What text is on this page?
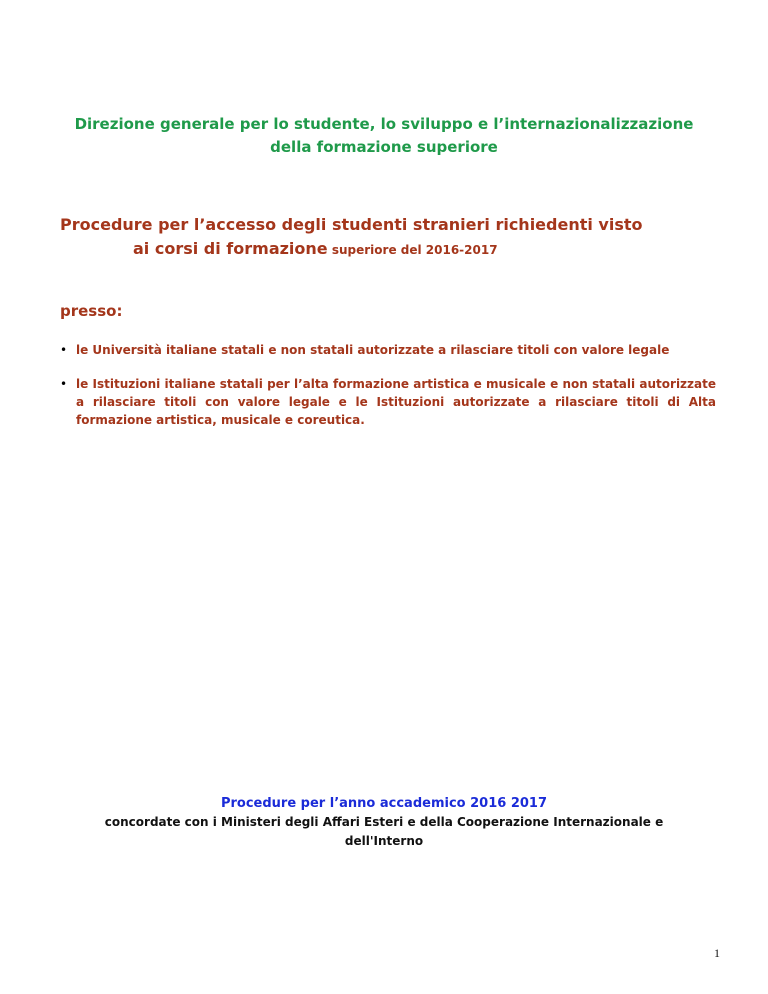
Direzione generale per lo studente, lo sviluppo e l’internazionalizzazione
della formazione superiore
Procedure per l’accesso degli studenti stranieri richiedenti visto
ai corsi di formazione superiore del 2016-2017
presso:
• le Università italiane statali e non statali autorizzate a rilasciare titoli con valore legale
• le Istituzioni italiane statali per l’alta formazione artistica e musicale e non statali autorizzate a rilasciare titoli con valore legale e le Istituzioni autorizzate a rilasciare titoli di Alta formazione artistica, musicale e coreutica.
Procedure per l’anno accademico 2016 2017
concordate con i Ministeri degli Affari Esteri e della Cooperazione Internazionale e
dell'Interno
1
